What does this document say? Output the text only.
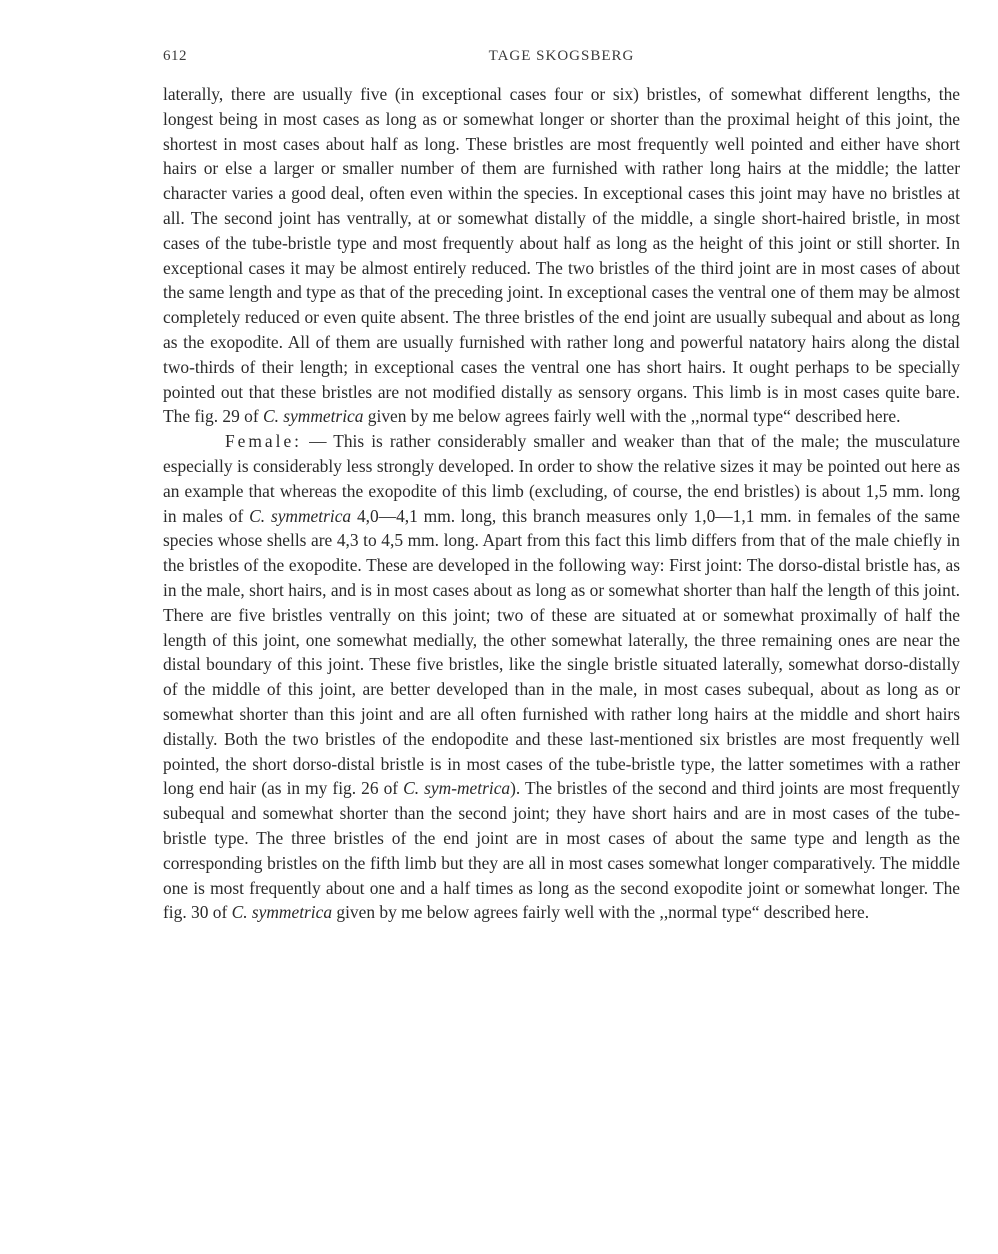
612	TAGE SKOGSBERG

laterally, there are usually five (in exceptional cases four or six) bristles, of somewhat different lengths, the longest being in most cases as long as or somewhat longer or shorter than the proximal height of this joint, the shortest in most cases about half as long. These bristles are most frequently well pointed and either have short hairs or else a larger or smaller number of them are furnished with rather long hairs at the middle; the latter character varies a good deal, often even within the species. In exceptional cases this joint may have no bristles at all. The second joint has ventrally, at or somewhat distally of the middle, a single short-haired bristle, in most cases of the tube-bristle type and most frequently about half as long as the height of this joint or still shorter. In exceptional cases it may be almost entirely reduced. The two bristles of the third joint are in most cases of about the same length and type as that of the preceding joint. In exceptional cases the ventral one of them may be almost completely reduced or even quite absent. The three bristles of the end joint are usually subequal and about as long as the exopodite. All of them are usually furnished with rather long and powerful natatory hairs along the distal two-thirds of their length; in exceptional cases the ventral one has short hairs. It ought perhaps to be specially pointed out that these bristles are not modified distally as sensory organs. This limb is in most cases quite bare. The fig. 29 of C. symmetrica given by me below agrees fairly well with the ,,normal type“ described here.

Female: — This is rather considerably smaller and weaker than that of the male; the musculature especially is considerably less strongly developed. In order to show the relative sizes it may be pointed out here as an example that whereas the exopodite of this limb (excluding, of course, the end bristles) is about 1,5 mm. long in males of C. symmetrica 4,0—4,1 mm. long, this branch measures only 1,0—1,1 mm. in females of the same species whose shells are 4,3 to 4,5 mm. long. Apart from this fact this limb differs from that of the male chiefly in the bristles of the exopodite. These are developed in the following way: First joint: The dorso-distal bristle has, as in the male, short hairs, and is in most cases about as long as or somewhat shorter than half the length of this joint. There are five bristles ventrally on this joint; two of these are situated at or somewhat proximally of half the length of this joint, one somewhat medially, the other somewhat laterally, the three remaining ones are near the distal boundary of this joint. These five bristles, like the single bristle situated laterally, somewhat dorso-distally of the middle of this joint, are better developed than in the male, in most cases subequal, about as long as or somewhat shorter than this joint and are all often furnished with rather long hairs at the middle and short hairs distally. Both the two bristles of the endopodite and these last-mentioned six bristles are most frequently well pointed, the short dorso-distal bristle is in most cases of the tube-bristle type, the latter sometimes with a rather long end hair (as in my fig. 26 of C. sym-metrica). The bristles of the second and third joints are most frequently subequal and somewhat shorter than the second joint; they have short hairs and are in most cases of the tube-bristle type. The three bristles of the end joint are in most cases of about the same type and length as the corresponding bristles on the fifth limb but they are all in most cases somewhat longer comparatively. The middle one is most frequently about one and a half times as long as the second exopodite joint or somewhat longer. The fig. 30 of C. symmetrica given by me below agrees fairly well with the ,,normal type“ described here.
